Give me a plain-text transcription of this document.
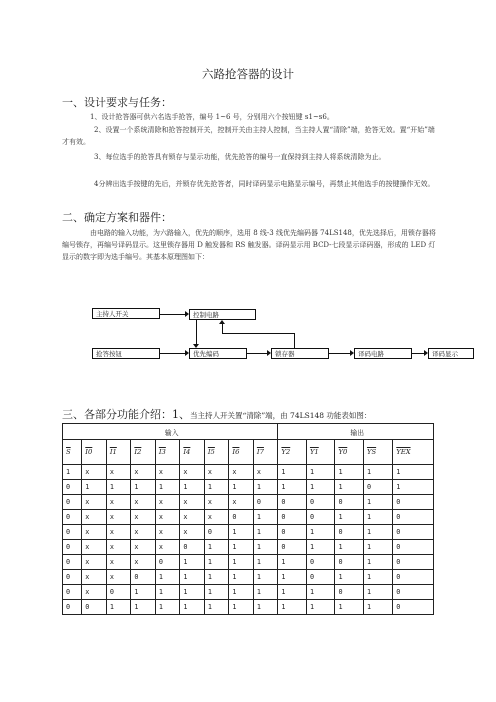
六路抢答器的设计
一、设计要求与任务：
1、设计抢答器可供六名选手抢答，编号 1~6 号，分别用六个按钮键 s1~s6。
2、设置一个系统清除和抢答控制开关，控制开关由主持人控制，当主持人置“清除”端，抢答无效。置“开始”端才有效。
3、每位选手的抢答具有锁存与显示功能，优先抢答的编号一直保持到主持人将系统清除为止。
4分辨出选手按键的先后，并锁存优先抢答者，同时译码显示电路显示编号，再禁止其他选手的按键操作无效。
二、确定方案和器件：
由电路的输入功能，为六路输入，优先的顺序，选用 8 线-3 线优先编码器 74LS148，优先选择后，用锁存器将编号锁存，再编号译码显示。这里锁存器用 D 触发器和 RS 触发器。译码显示用 BCD-七段显示译码器，形成的 LED 灯显示的数字即为选手编号。其基本原理图如下：
主持人开关	控制电路
抢答按钮	优先编码	锁存器	译码电路	译码显示
三、各部分功能介绍：1、当主持人开关置“清除”端，由 74LS148 功能表如图：
输入									输出				
$\overline{S}$	I0	I1	I2	I3	I4	I5	I6	I7	Y2	Y1	Y0	$\overline{YS}$	$\overline{YEX}$
1	x	x	x	x	x	x	x	x	1	1	1	1	1
0	1	1	1	1	1	1	1	1	1	1	1	0	1
0	x	x	x	x	x	x	x	0	0	0	0	1	0
0	x	x	x	x	x	x	0	1	0	0	1	1	0
0	x	x	x	x	x	0	1	1	0	1	0	1	0
0	x	x	x	x	0	1	1	1	0	1	1	1	0
0	x	x	x	0	1	1	1	1	1	0	0	1	0
0	x	x	0	1	1	1	1	1	1	0	1	1	0
0	x	0	1	1	1	1	1	1	1	1	0	1	0
0	0	1	1	1	1	1	1	1	1	1	1	1	0
